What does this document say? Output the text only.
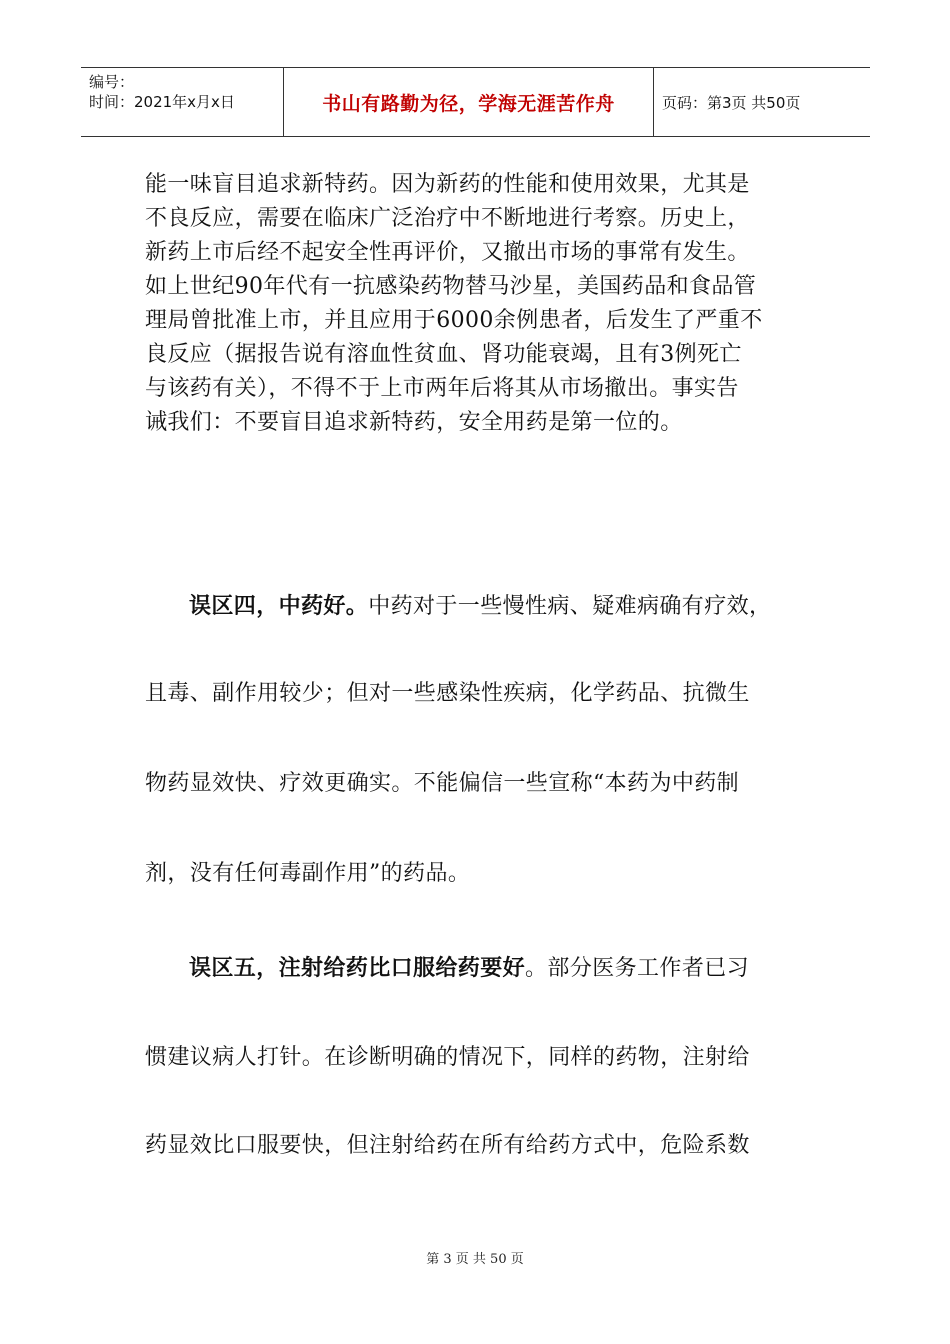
编号：
时间：2021年x月x日	书山有路勤为径，学海无涯苦作舟	页码：第3页 共50页
能一味盲目追求新特药。因为新药的性能和使用效果，尤其是
不良反应，需要在临床广泛治疗中不断地进行考察。历史上，
新药上市后经不起安全性再评价，又撤出市场的事常有发生。
如上世纪90年代有一抗感染药物替马沙星，美国药品和食品管
理局曾批准上市，并且应用于6000余例患者，后发生了严重不
良反应（据报告说有溶血性贫血、肾功能衰竭，且有3例死亡
与该药有关），不得不于上市两年后将其从市场撤出。事实告
诫我们：不要盲目追求新特药，安全用药是第一位的。
误区四，中药好。中药对于一些慢性病、疑难病确有疗效，
且毒、副作用较少；但对一些感染性疾病，化学药品、抗微生
物药显效快、疗效更确实。不能偏信一些宣称“本药为中药制
剂，没有任何毒副作用”的药品。
误区五，注射给药比口服给药要好。部分医务工作者已习
惯建议病人打针。在诊断明确的情况下，同样的药物，注射给
药显效比口服要快，但注射给药在所有给药方式中，危险系数
第 3 页 共 50 页
